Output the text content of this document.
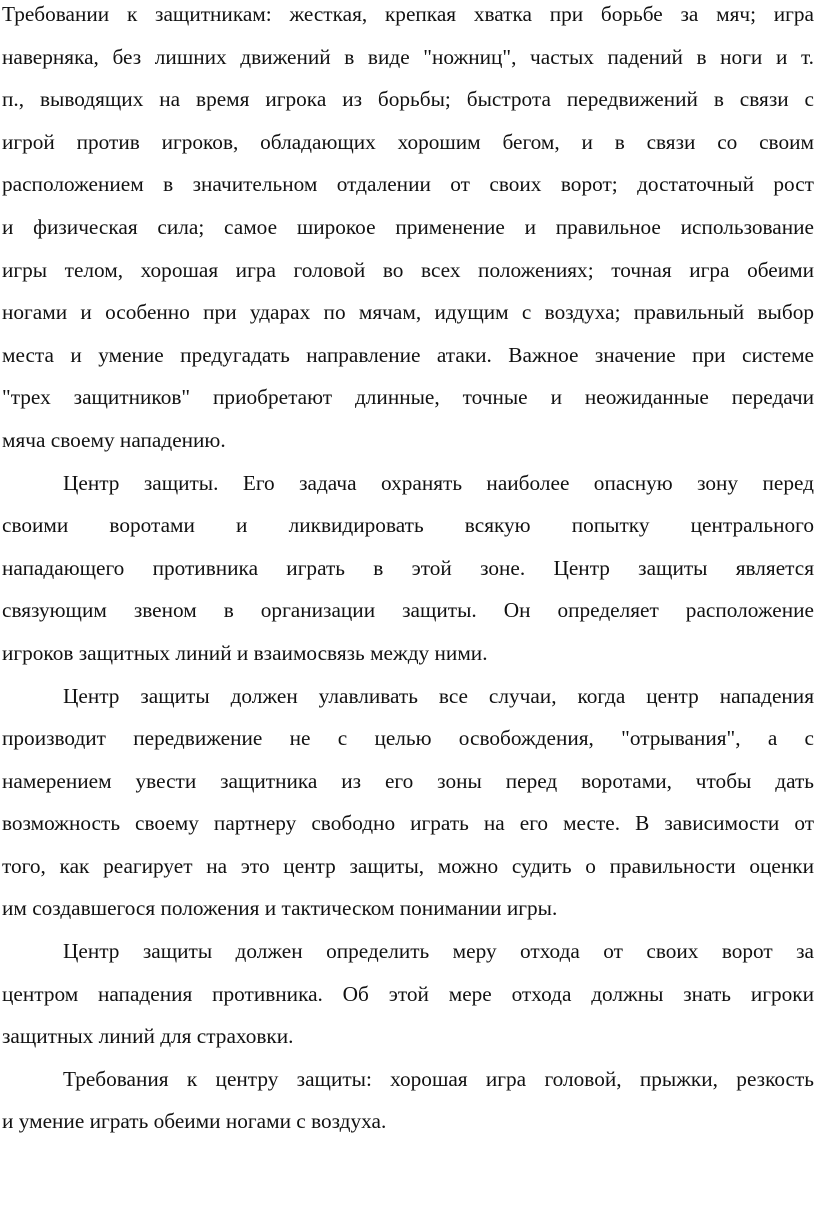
Требовании к защитникам: жесткая, крепкая хватка при борьбе за мяч; игра
наверняка, без лишних движений в виде "ножниц", частых падений в ноги и т.
п., выводящих на время игрока из борьбы; быстрота передвижений в связи с
игрой против игроков, обладающих хорошим бегом, и в связи со своим
расположением в значительном отдалении от своих ворот; достаточный рост
и физическая сила; самое широкое применение и правильное использование
игры телом, хорошая игра головой во всех положениях; точная игра обеими
ногами и особенно при ударах по мячам, идущим с воздуха; правильный выбор
места и умение предугадать направление атаки. Важное значение при системе
"трех защитников" приобретают длинные, точные и неожиданные передачи
мяча своему нападению.

Центр защиты. Его задача охранять наиболее опасную зону перед
своими воротами и ликвидировать всякую попытку центрального
нападающего противника играть в этой зоне. Центр защиты является
связующим звеном в организации защиты. Он определяет расположение
игроков защитных линий и взаимосвязь между ними.

Центр защиты должен улавливать все случаи, когда центр нападения
производит передвижение не с целью освобождения, "отрывания", а с
намерением увести защитника из его зоны перед воротами, чтобы дать
возможность своему партнеру свободно играть на его месте. В зависимости от
того, как реагирует на это центр защиты, можно судить о правильности оценки
им создавшегося положения и тактическом понимании игры.

Центр защиты должен определить меру отхода от своих ворот за
центром нападения противника. Об этой мере отхода должны знать игроки
защитных линий для страховки.

Требования к центру защиты: хорошая игра головой, прыжки, резкость
и умение играть обеими ногами с воздуха.
